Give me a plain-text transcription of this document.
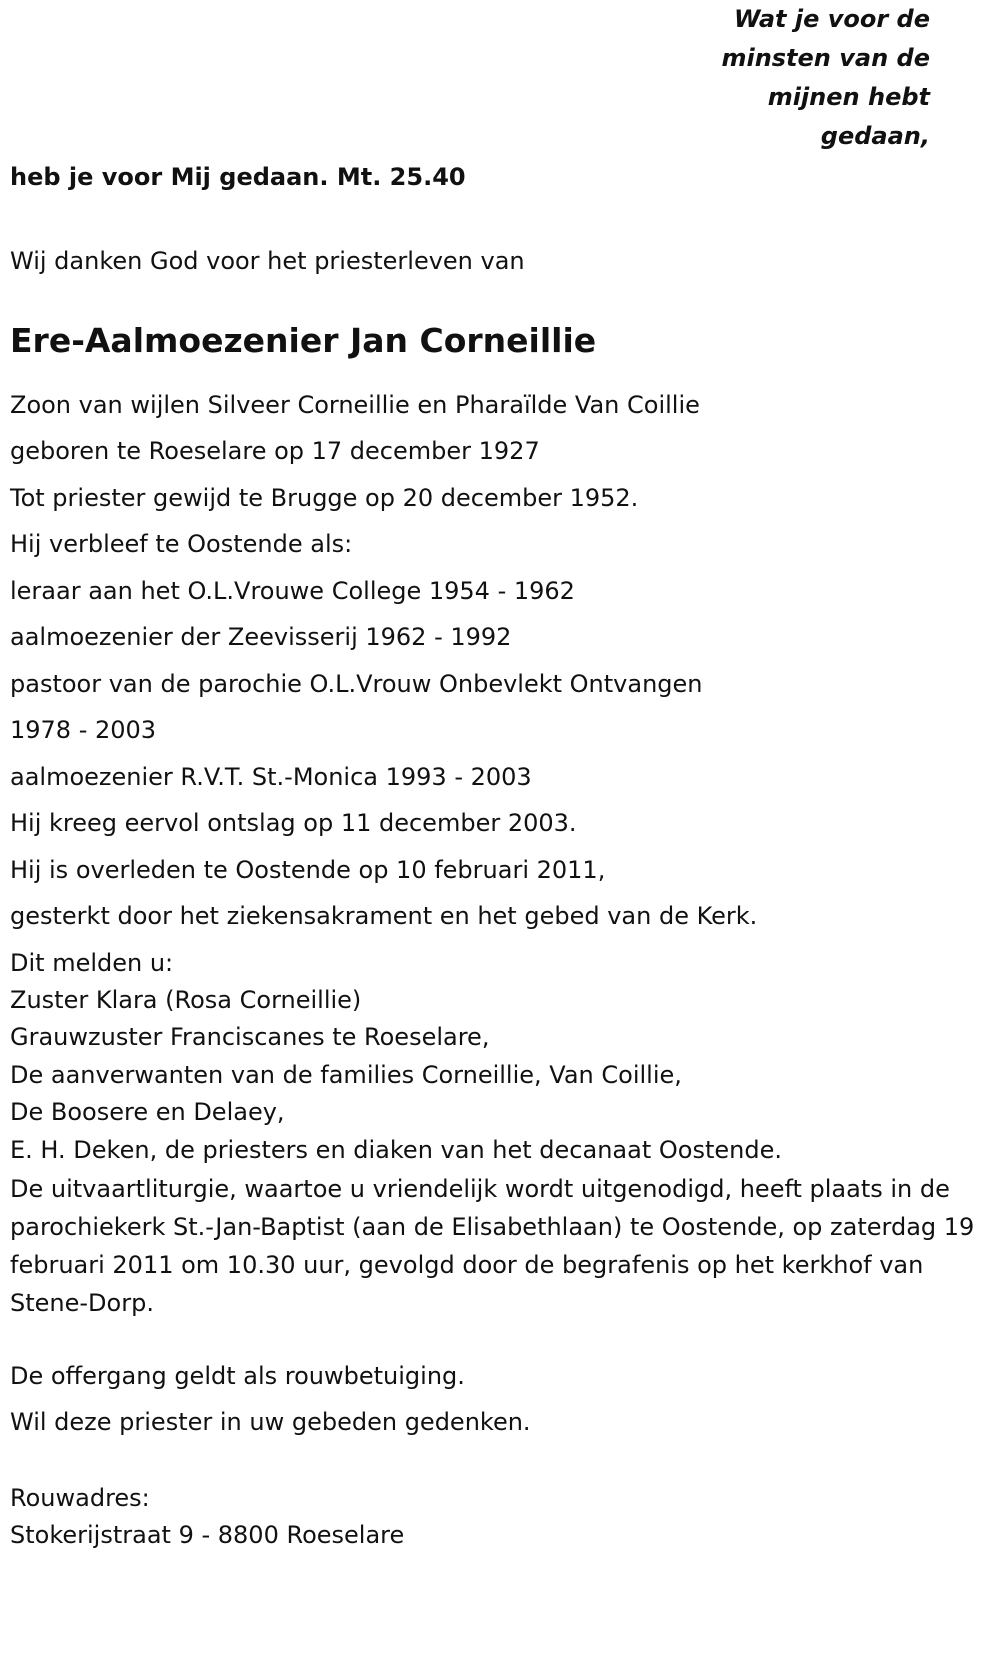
Wat je voor de
minsten van de
mijnen hebt
gedaan,
heb je voor Mij gedaan. Mt. 25.40
Wij danken God voor het priesterleven van
Ere-Aalmoezenier Jan Corneillie
Zoon van wijlen Silveer Corneillie en Pharaïlde Van Coillie
geboren te Roeselare op 17 december 1927
Tot priester gewijd te Brugge op 20 december 1952.
Hij verbleef te Oostende als:
leraar aan het O.L.Vrouwe College 1954 - 1962
aalmoezenier der Zeevisserij 1962 - 1992
pastoor van de parochie O.L.Vrouw Onbevlekt Ontvangen
1978 - 2003
aalmoezenier R.V.T. St.-Monica 1993 - 2003
Hij kreeg eervol ontslag op 11 december 2003.
Hij is overleden te Oostende op 10 februari 2011,
gesterkt door het ziekensakrament en het gebed van de Kerk.
Dit melden u:
Zuster Klara (Rosa Corneillie)
Grauwzuster Franciscanes te Roeselare,
De aanverwanten van de families Corneillie, Van Coillie,
De Boosere en Delaey,
E. H. Deken, de priesters en diaken van het decanaat Oostende.
De uitvaartliturgie, waartoe u vriendelijk wordt uitgenodigd, heeft plaats in de parochiekerk St.-Jan-Baptist (aan de Elisabethlaan) te Oostende, op zaterdag 19 februari 2011 om 10.30 uur, gevolgd door de begrafenis op het kerkhof van Stene-Dorp.
De offergang geldt als rouwbetuiging.
Wil deze priester in uw gebeden gedenken.
Rouwadres:
Stokerijstraat 9 - 8800 Roeselare
